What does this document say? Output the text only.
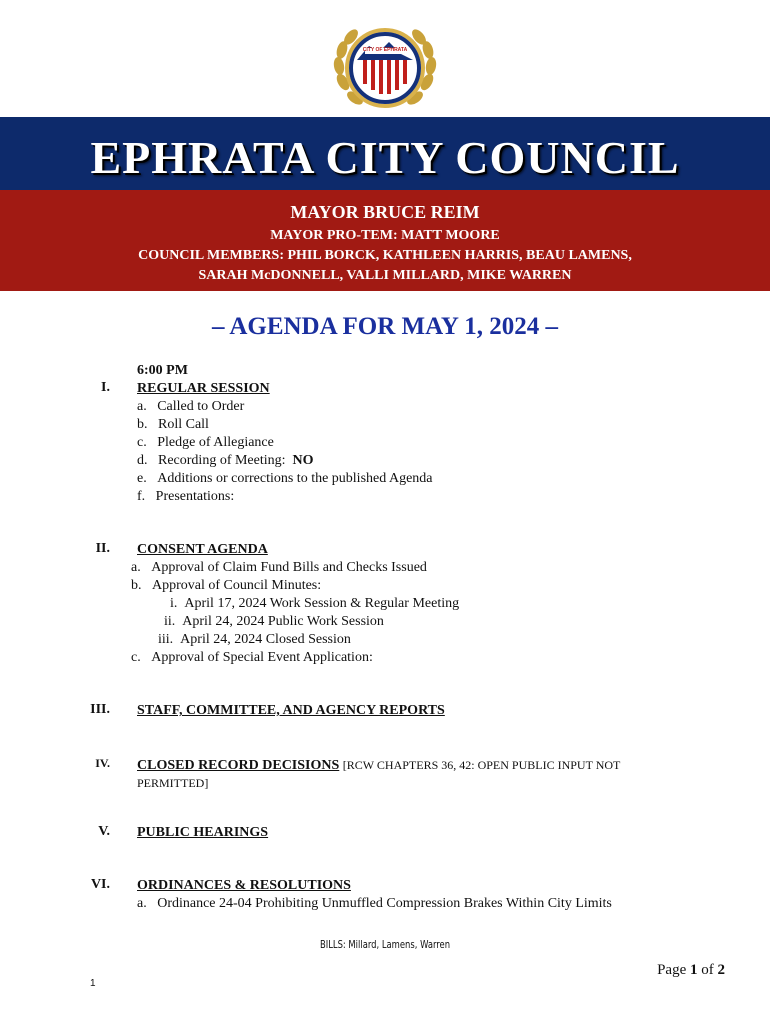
CITY OF EPHRATA
EPHRATA CITY COUNCIL
MAYOR BRUCE REIM
MAYOR PRO-TEM: MATT MOORE
COUNCIL MEMBERS: PHIL BORCK, KATHLEEN HARRIS, BEAU LAMENS,
SARAH McDONNELL, VALLI MILLARD, MIKE WARREN
– AGENDA FOR MAY 1, 2024 –
I.
6:00 PM
REGULAR SESSION
a. Called to Order
b. Roll Call
c. Pledge of Allegiance
d. Recording of Meeting: NO
e. Additions or corrections to the published Agenda
f. Presentations:
II. CONSENT AGENDA
a. Approval of Claim Fund Bills and Checks Issued
b. Approval of Council Minutes:
i. April 17, 2024 Work Session & Regular Meeting
ii. April 24, 2024 Public Work Session
iii. April 24, 2024 Closed Session
c. Approval of Special Event Application:
III. STAFF, COMMITTEE, AND AGENCY REPORTS
IV. CLOSED RECORD DECISIONS [RCW CHAPTERS 36, 42: OPEN PUBLIC INPUT NOT
PERMITTED]
V. PUBLIC HEARINGS
VI. ORDINANCES & RESOLUTIONS
a. Ordinance 24-04 Prohibiting Unmuffled Compression Brakes Within City Limits
BILLS: Millard, Lamens, Warren
Page 1 of 2
1
